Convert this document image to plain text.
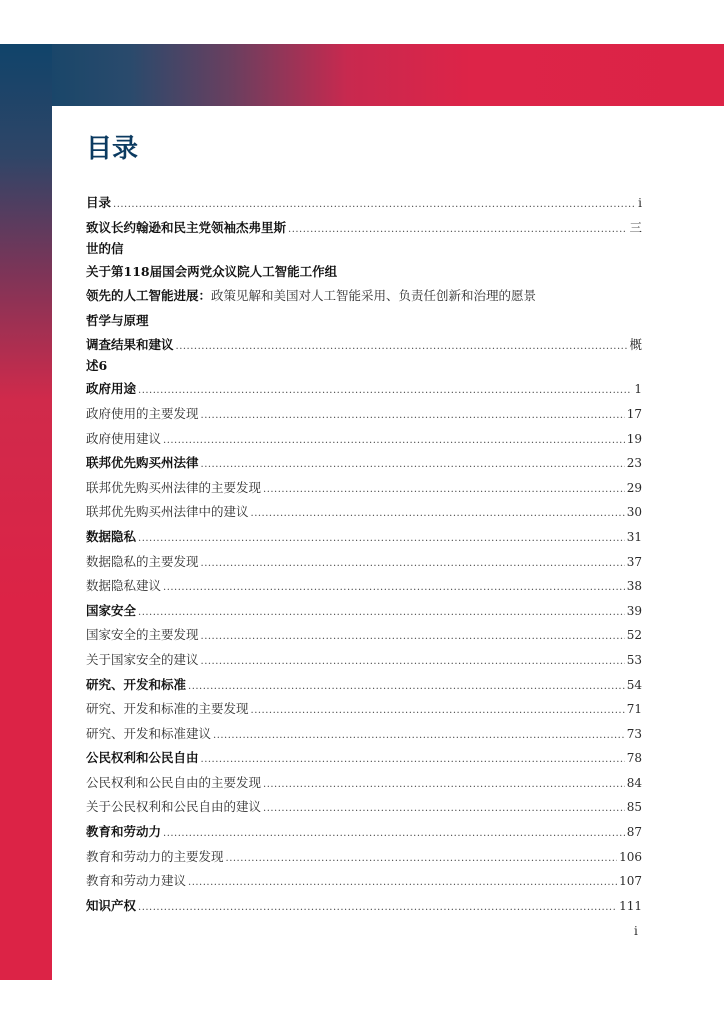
目录
目录 .....	i
致议长约翰逊和民主党领袖杰弗里斯 .....	三
世的信
关于第118届国会两党众议院人工智能工作组
领先的人工智能进展：政策见解和美国对人工智能采用、负责任创新和治理的愿景
哲学与原理
调查结果和建议 .....	概
述6
政府用途 .....	1
政府使用的主要发现 .....	17
政府使用建议 .....	19
联邦优先购买州法律 .....	23
联邦优先购买州法律的主要发现 .....	29
联邦优先购买州法律中的建议 .....	30
数据隐私 .....	31
数据隐私的主要发现 .....	37
数据隐私建议 .....	38
国家安全 .....	39
国家安全的主要发现 .....	52
关于国家安全的建议 .....	53
研究、开发和标准 .....	54
研究、开发和标准的主要发现 .....	71
研究、开发和标准建议 .....	73
公民权利和公民自由 .....	78
公民权利和公民自由的主要发现 .....	84
关于公民权利和公民自由的建议 .....	85
教育和劳动力 .....	87
教育和劳动力的主要发现 .....	106
教育和劳动力建议 .....	107
知识产权 .....	111
i
